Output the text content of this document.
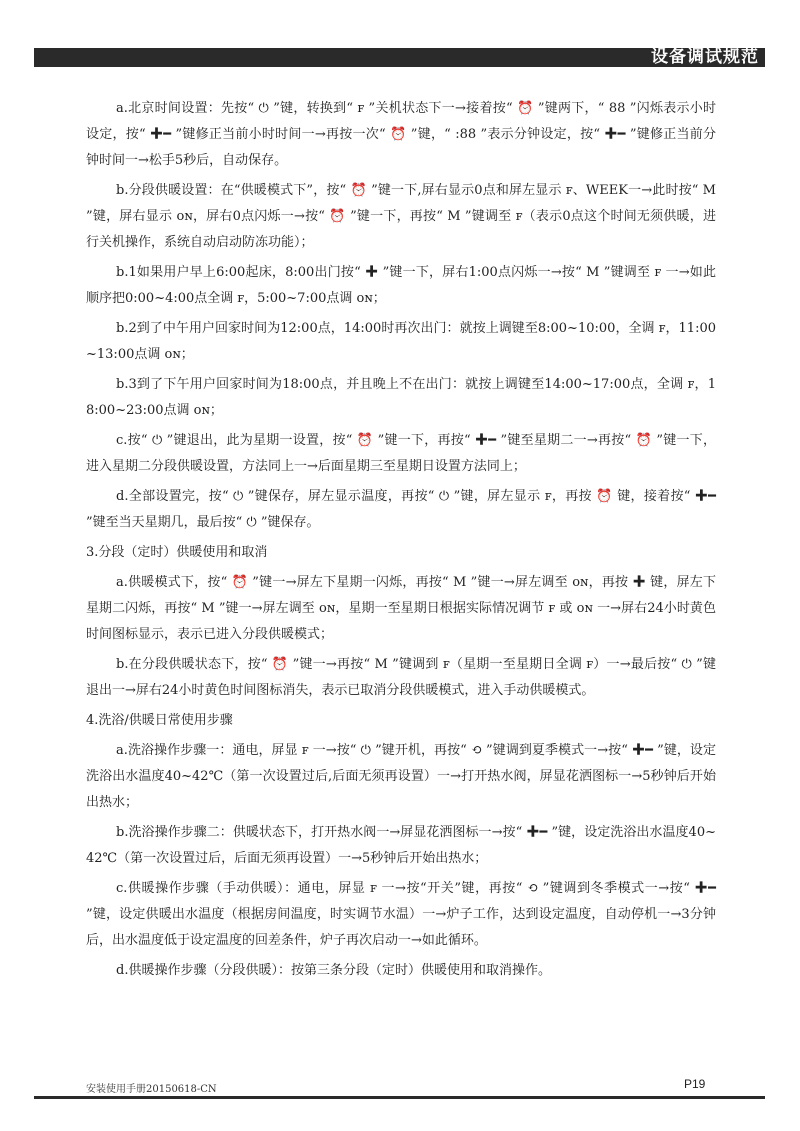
设备调试规范

a.北京时间设置：先按“ ⏻ ”键，转换到“ ꜰ ”关机状态下一→接着按“ ⏰ ”键两下，“ 88 ”闪烁表示小时设定，按“ ✚━ ”键修正当前小时时间一→再按一次“ ⏰ ”键，“ :88 ”表示分钟设定，按“ ✚━ ”键修正当前分钟时间一→松手5秒后，自动保存。

b.分段供暖设置：在“供暖模式下”，按“ ⏰ ”键一下,屏右显示0点和屏左显示 ꜰ、WEEK一→此时按“ M ”键，屏右显示 ᴏɴ，屏右0点闪烁一→按“ ⏰ ”键一下，再按“ M ”键调至 ꜰ（表示0点这个时间无须供暖，进行关机操作，系统自动启动防冻功能）；

b.1如果用户早上6:00起床，8:00出门按“ ✚ ”键一下，屏右1:00点闪烁一→按“ M ”键调至 ꜰ 一→如此顺序把0:00~4:00点全调 ꜰ，5:00~7:00点调 ᴏɴ；

b.2到了中午用户回家时间为12:00点，14:00时再次出门：就按上调键至8:00~10:00，全调 ꜰ，11:00~13:00点调 ᴏɴ；

b.3到了下午用户回家时间为18:00点，并且晚上不在出门：就按上调键至14:00~17:00点，全调 ꜰ，18:00~23:00点调 ᴏɴ；

c.按“ ⏻ ”键退出，此为星期一设置，按“ ⏰ ”键一下，再按“ ✚━ ”键至星期二一→再按“ ⏰ ”键一下，进入星期二分段供暖设置，方法同上一→后面星期三至星期日设置方法同上；

d.全部设置完，按“ ⏻ ”键保存，屏左显示温度，再按“ ⏻ ”键，屏左显示 ꜰ，再按 ⏰ 键，接着按“ ✚━ ”键至当天星期几，最后按“ ⏻ ”键保存。

3.分段（定时）供暖使用和取消

a.供暖模式下，按“ ⏰ ”键一→屏左下星期一闪烁，再按“ M ”键一→屏左调至 ᴏɴ，再按 ✚ 键，屏左下星期二闪烁，再按“ M ”键一→屏左调至 ᴏɴ，星期一至星期日根据实际情况调节 ꜰ 或 ᴏɴ 一→屏右24小时黄色时间图标显示，表示已进入分段供暖模式；

b.在分段供暖状态下，按“ ⏰ ”键一→再按“ M ”键调到 ꜰ（星期一至星期日全调 ꜰ）一→最后按“ ⏻ ”键退出一→屏右24小时黄色时间图标消失，表示已取消分段供暖模式，进入手动供暖模式。

4.洗浴/供暖日常使用步骤

a.洗浴操作步骤一：通电，屏显 ꜰ 一→按“ ⏻ ”键开机，再按“ ⟲ ”键调到夏季模式一→按“ ✚━ ”键，设定洗浴出水温度40~42℃（第一次设置过后,后面无须再设置）一→打开热水阀，屏显花洒图标一→5秒钟后开始出热水；

b.洗浴操作步骤二：供暖状态下，打开热水阀一→屏显花洒图标一→按“ ✚━ ”键，设定洗浴出水温度40~42℃（第一次设置过后，后面无须再设置）一→5秒钟后开始出热水；

c.供暖操作步骤（手动供暖）：通电，屏显 ꜰ 一→按“开关”键，再按“ ⟲ ”键调到冬季模式一→按“ ✚━ ”键，设定供暖出水温度（根据房间温度，时实调节水温）一→炉子工作，达到设定温度，自动停机一→3分钟后，出水温度低于设定温度的回差条件，炉子再次启动一→如此循环。

d.供暖操作步骤（分段供暖）：按第三条分段（定时）供暖使用和取消操作。

安装使用手册20150618-CN	P19
